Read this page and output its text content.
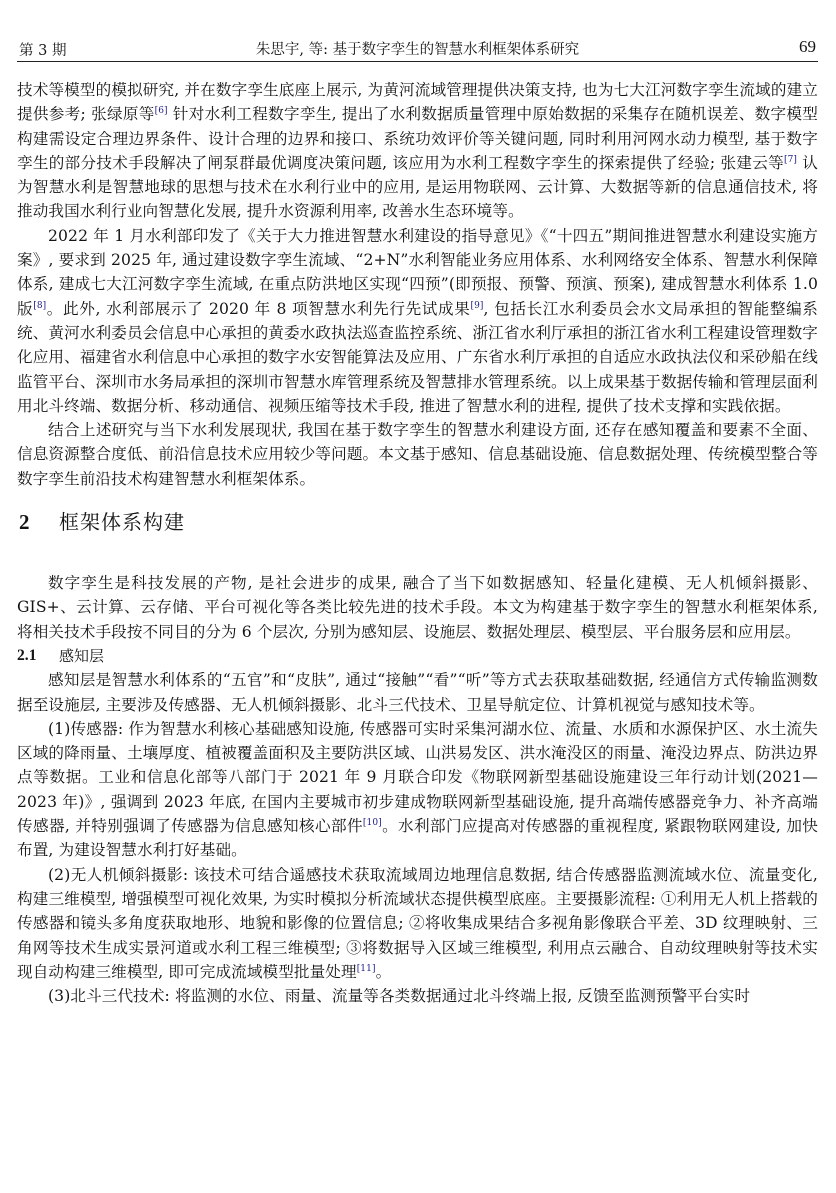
第 3 期	朱思宇, 等: 基于数字孪生的智慧水利框架体系研究	69

技术等模型的模拟研究, 并在数字孪生底座上展示, 为黄河流域管理提供决策支持, 也为七大江河数字孪生流域的建立提供参考; 张绿原等[6] 针对水利工程数字孪生, 提出了水利数据质量管理中原始数据的采集存在随机误差、数字模型构建需设定合理边界条件、设计合理的边界和接口、系统功效评价等关键问题, 同时利用河网水动力模型, 基于数字孪生的部分技术手段解决了闸泵群最优调度决策问题, 该应用为水利工程数字孪生的探索提供了经验; 张建云等[7] 认为智慧水利是智慧地球的思想与技术在水利行业中的应用, 是运用物联网、云计算、大数据等新的信息通信技术, 将推动我国水利行业向智慧化发展, 提升水资源利用率, 改善水生态环境等。

2022 年 1 月水利部印发了《关于大力推进智慧水利建设的指导意见》《“十四五”期间推进智慧水利建设实施方案》, 要求到 2025 年, 通过建设数字孪生流域、“2+N”水利智能业务应用体系、水利网络安全体系、智慧水利保障体系, 建成七大江河数字孪生流域, 在重点防洪地区实现“四预”(即预报、预警、预演、预案), 建成智慧水利体系 1.0 版[8]。此外, 水利部展示了 2020 年 8 项智慧水利先行先试成果[9], 包括长江水利委员会水文局承担的智能整编系统、黄河水利委员会信息中心承担的黄委水政执法巡查监控系统、浙江省水利厅承担的浙江省水利工程建设管理数字化应用、福建省水利信息中心承担的数字水安智能算法及应用、广东省水利厅承担的自适应水政执法仪和采砂船在线监管平台、深圳市水务局承担的深圳市智慧水库管理系统及智慧排水管理系统。以上成果基于数据传输和管理层面利用北斗终端、数据分析、移动通信、视频压缩等技术手段, 推进了智慧水利的进程, 提供了技术支撑和实践依据。

结合上述研究与当下水利发展现状, 我国在基于数字孪生的智慧水利建设方面, 还存在感知覆盖和要素不全面、信息资源整合度低、前沿信息技术应用较少等问题。本文基于感知、信息基础设施、信息数据处理、传统模型整合等数字孪生前沿技术构建智慧水利框架体系。

2	框架体系构建

数字孪生是科技发展的产物, 是社会进步的成果, 融合了当下如数据感知、轻量化建模、无人机倾斜摄影、GIS+、云计算、云存储、平台可视化等各类比较先进的技术手段。本文为构建基于数字孪生的智慧水利框架体系, 将相关技术手段按不同目的分为 6 个层次, 分别为感知层、设施层、数据处理层、模型层、平台服务层和应用层。

2.1	感知层

感知层是智慧水利体系的“五官”和“皮肤”, 通过“接触”“看”“听”等方式去获取基础数据, 经通信方式传输监测数据至设施层, 主要涉及传感器、无人机倾斜摄影、北斗三代技术、卫星导航定位、计算机视觉与感知技术等。

(1)传感器: 作为智慧水利核心基础感知设施, 传感器可实时采集河湖水位、流量、水质和水源保护区、水土流失区域的降雨量、土壤厚度、植被覆盖面积及主要防洪区域、山洪易发区、洪水淹没区的雨量、淹没边界点、防洪边界点等数据。工业和信息化部等八部门于 2021 年 9 月联合印发《物联网新型基础设施建设三年行动计划(2021—2023 年)》, 强调到 2023 年底, 在国内主要城市初步建成物联网新型基础设施, 提升高端传感器竞争力、补齐高端传感器, 并特别强调了传感器为信息感知核心部件[10]。水利部门应提高对传感器的重视程度, 紧跟物联网建设, 加快布置, 为建设智慧水利打好基础。

(2)无人机倾斜摄影: 该技术可结合遥感技术获取流域周边地理信息数据, 结合传感器监测流域水位、流量变化, 构建三维模型, 增强模型可视化效果, 为实时模拟分析流域状态提供模型底座。主要摄影流程: ①利用无人机上搭载的传感器和镜头多角度获取地形、地貌和影像的位置信息; ②将收集成果结合多视角影像联合平差、3D 纹理映射、三角网等技术生成实景河道或水利工程三维模型; ③将数据导入区域三维模型, 利用点云融合、自动纹理映射等技术实现自动构建三维模型, 即可完成流域模型批量处理[11]。

(3)北斗三代技术: 将监测的水位、雨量、流量等各类数据通过北斗终端上报, 反馈至监测预警平台实时
